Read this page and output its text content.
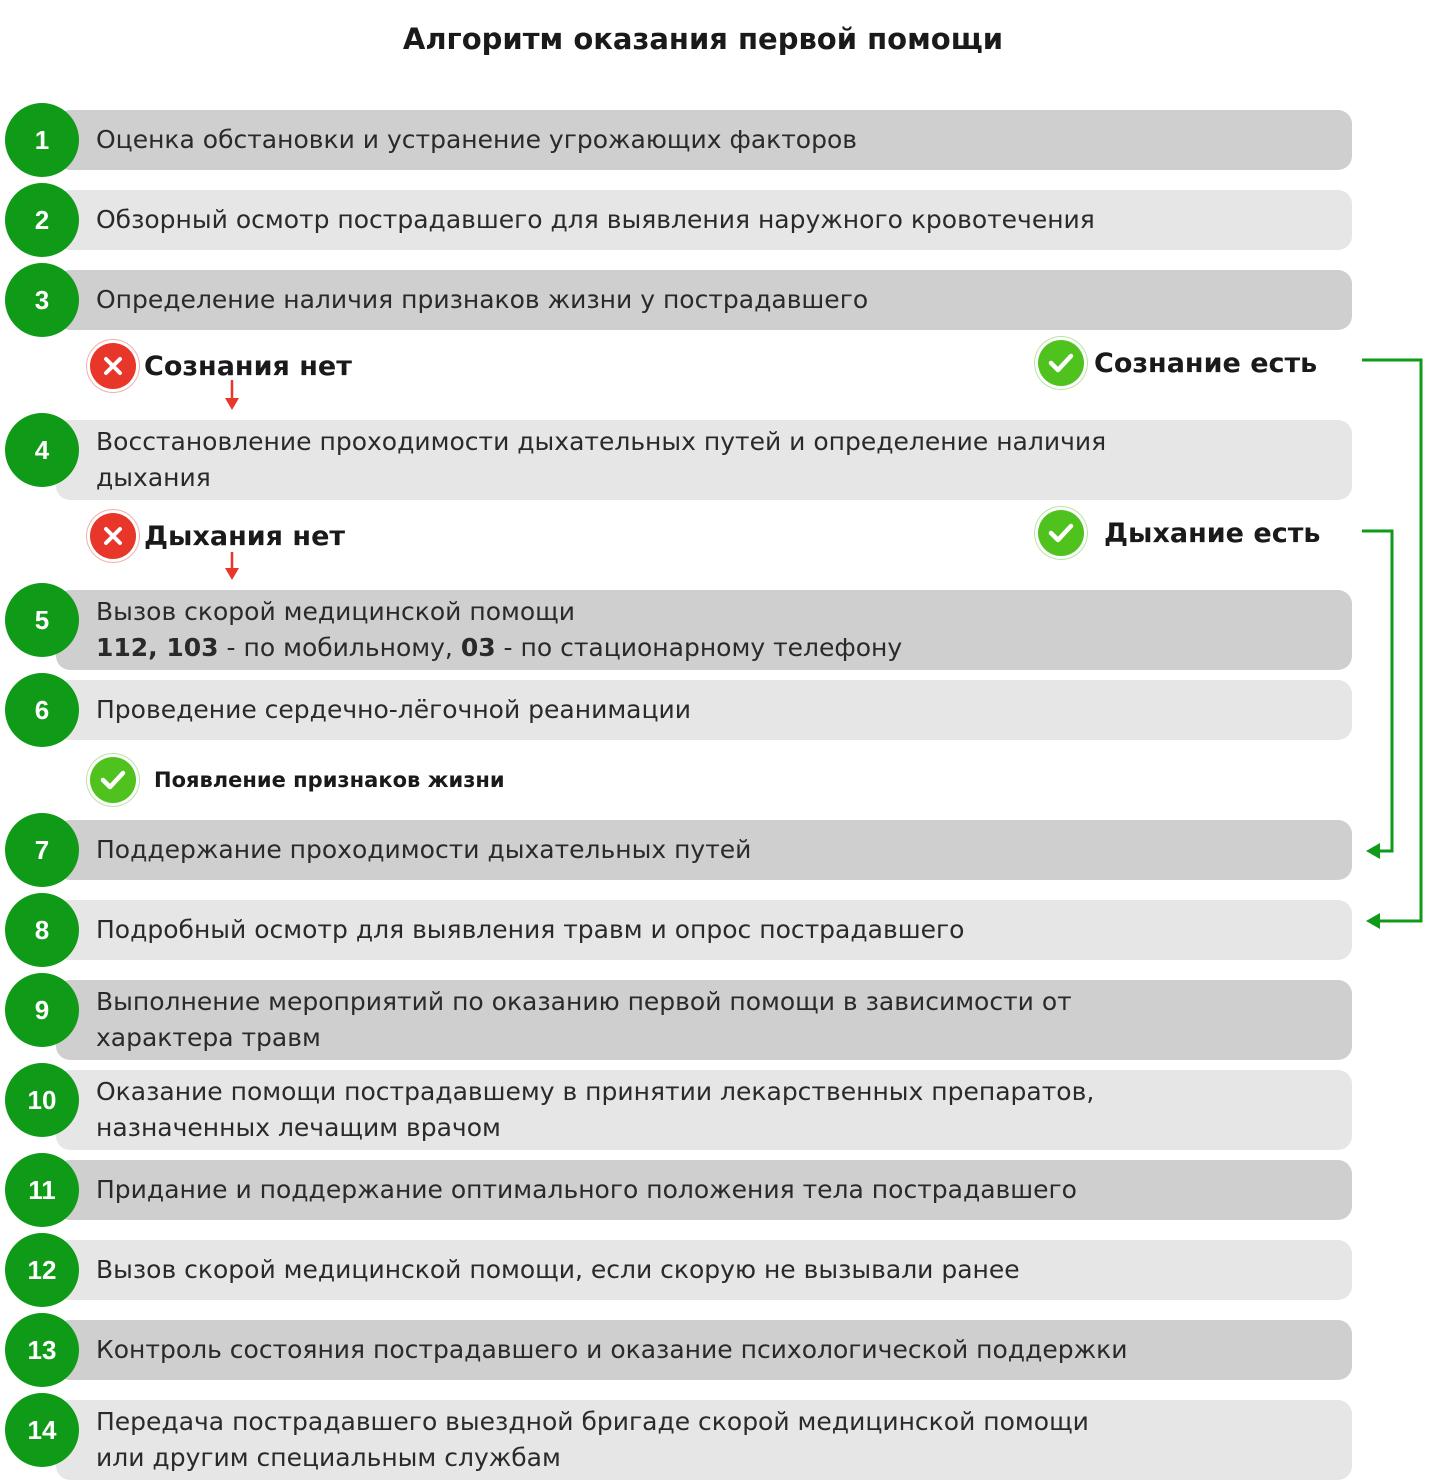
Алгоритм оказания первой помощи
Оценка обстановки и устранение угрожающих факторов
1
Обзорный осмотр пострадавшего для выявления наружного кровотечения
2
Определение наличия признаков жизни у пострадавшего
3
Сознания нет	Сознание есть
Восстановление проходимости дыхательных путей и определение наличия
дыхания
4
Дыхания нет	Дыхание есть
Вызов скорой медицинской помощи
112, 103 - по мобильному, 03 - по стационарному телефону
5
Проведение сердечно-лёгочной реанимации
6
Появление признаков жизни
Поддержание проходимости дыхательных путей
7
Подробный осмотр для выявления травм и опрос пострадавшего
8
Выполнение мероприятий по оказанию первой помощи в зависимости от
характера травм
9
Оказание помощи пострадавшему в принятии лекарственных препаратов,
назначенных лечащим врачом
10
Придание и поддержание оптимального положения тела пострадавшего
11
Вызов скорой медицинской помощи, если скорую не вызывали ранее
12
Контроль состояния пострадавшего и оказание психологической поддержки
13
Передача пострадавшего выездной бригаде скорой медицинской помощи
или другим специальным службам
14
